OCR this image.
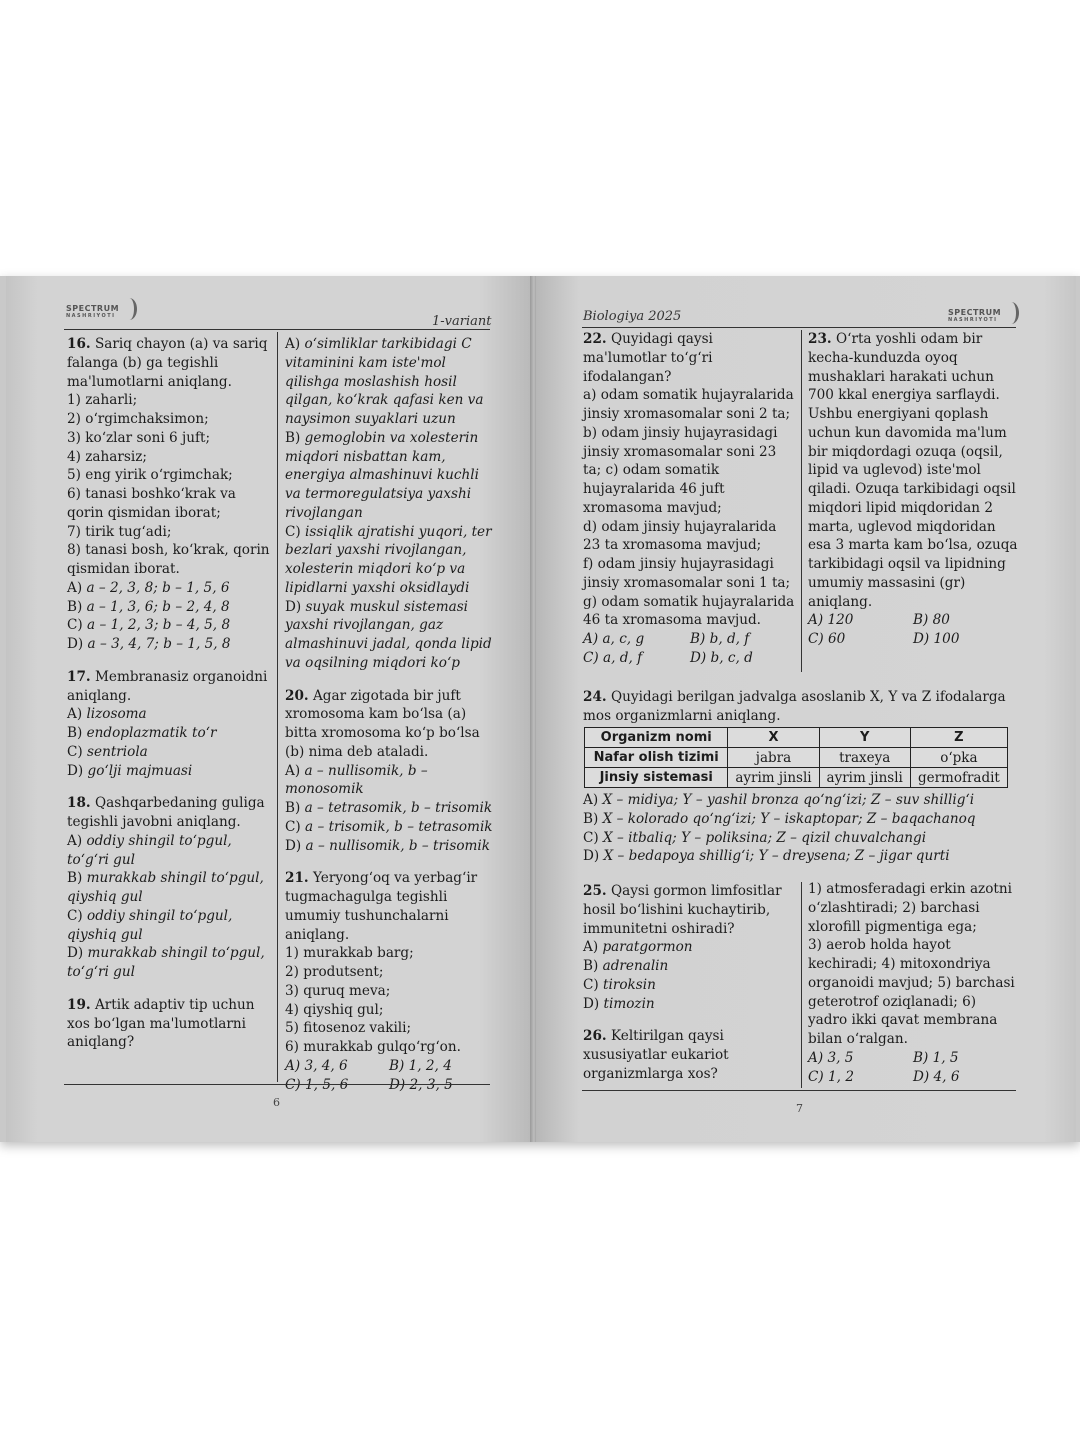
SPECTRUM
NASHRIYOTI	1-variant

16. Sariq chayon (a) va sariq falanga (b) ga tegishli ma'lumotlarni aniqlang.

1) zaharli;

2) o‘rgimchaksimon;

3) ko‘zlar soni 6 juft;

4) zaharsiz;

5) eng yirik o‘rgimchak;

6) tanasi boshko‘krak va qorin qismidan iborat;

7) tirik tug‘adi;

8) tanasi bosh, ko‘krak, qorin qismidan iborat.

A) a – 2, 3, 8; b – 1, 5, 6

B) a – 1, 3, 6; b – 2, 4, 8

C) a – 1, 2, 3; b – 4, 5, 8

D) a – 3, 4, 7; b – 1, 5, 8

17. Membranasiz organoidni aniqlang.

A) lizosoma

B) endoplazmatik to‘r

C) sentriola

D) go‘lji majmuasi

18. Qashqarbedaning guliga tegishli javobni aniqlang.

A) oddiy shingil to‘pgul, to‘g‘ri gul

B) murakkab shingil to‘pgul, qiyshiq gul

C) oddiy shingil to‘pgul, qiyshiq gul

D) murakkab shingil to‘pgul, to‘g‘ri gul

19. Artik adaptiv tip uchun xos bo‘lgan ma'lumotlarni aniqlang?

A) o‘simliklar tarkibidagi C vitaminini kam iste'mol qilishga moslashish hosil qilgan, ko‘krak qafasi ken va naysimon suyaklari uzun

B) gemoglobin va xolesterin miqdori nisbattan kam, energiya almashinuvi kuchli va termoregulatsiya yaxshi rivojlangan

C) issiqlik ajratishi yuqori, ter bezlari yaxshi rivojlangan, xolesterin miqdori ko‘p va lipidlarni yaxshi oksidlaydi

D) suyak muskul sistemasi yaxshi rivojlangan, gaz almashinuvi jadal, qonda lipid va oqsilning miqdori ko‘p

20. Agar zigotada bir juft xromosoma kam bo‘lsa (a) bitta xromosoma ko‘p bo‘lsa (b) nima deb ataladi.

A) a – nullisomik, b – monosomik

B) a – tetrasomik, b – trisomik

C) a – trisomik, b – tetrasomik

D) a – nullisomik, b – trisomik

21. Yeryong‘oq va yerbag‘ir tugmachagulga tegishli umumiy tushunchalarni aniqlang.

1) murakkab barg;

2) produtsent;

3) quruq meva;

4) qiyshiq gul;

5) fitosenoz vakili;

6) murakkab gulqo‘rg‘on.

A) 3, 4, 6	B) 1, 2, 4

C) 1, 5, 6	D) 2, 3, 5

6
Biologiya 2025	SPECTRUM
NASHRIYOTI

22. Quyidagi qaysi ma'lumotlar to‘g‘ri ifodalangan?

a) odam somatik hujayralarida jinsiy xromasomalar soni 2 ta; b) odam jinsiy hujayrasidagi jinsiy xromasomalar soni 23 ta; c) odam somatik hujayralarida 46 juft xromasoma mavjud;

d) odam jinsiy hujayralarida 23 ta xromasoma mavjud;

f) odam jinsiy hujayrasidagi jinsiy xromasomalar soni 1 ta; g) odam somatik hujayralarida 46 ta xromasoma mavjud.

A) a, c, g	B) b, d, f

C) a, d, f	D) b, c, d

23. O‘rta yoshli odam bir kecha-kunduzda oyoq mushaklari harakati uchun 700 kkal energiya sarflaydi. Ushbu energiyani qoplash uchun kun davomida ma'lum bir miqdordagi ozuqa (oqsil, lipid va uglevod) iste'mol qiladi. Ozuqa tarkibidagi oqsil miqdori lipid miqdoridan 2 marta, uglevod miqdoridan esa 3 marta kam bo‘lsa, ozuqa tarkibidagi oqsil va lipidning umumiy massasini (gr) aniqlang.

A) 120	B) 80

C) 60	D) 100

24. Quyidagi berilgan jadvalga asoslanib X, Y va Z ifodalarga mos organizmlarni aniqlang.

Organizm nomi	X	Y	Z
Nafar olish tizimi	jabra	traxeya	o‘pka
Jinsiy sistemasi	ayrim jinsli	ayrim jinsli	germofradit

A) X – midiya; Y – yashil bronza qo‘ng‘izi; Z – suv shillig‘i

B) X – kolorado qo‘ng‘izi; Y – iskaptopar; Z – baqachanoq

C) X – itbaliq; Y – poliksina; Z – qizil chuvalchangi

D) X – bedapoya shillig‘i; Y – dreysena; Z – jigar qurti

25. Qaysi gormon limfositlar hosil bo‘lishini kuchaytirib, immunitetni oshiradi?

A) paratgormon

B) adrenalin

C) tiroksin

D) timozin

26. Keltirilgan qaysi xususiyatlar eukariot organizmlarga xos?

1) atmosferadagi erkin azotni o‘zlashtiradi; 2) barchasi xlorofill pigmentiga ega;

3) aerob holda hayot kechiradi; 4) mitoxondriya organoidi mavjud; 5) barchasi geterotrof oziqlanadi; 6) yadro ikki qavat membrana bilan o‘ralgan.

A) 3, 5	B) 1, 5

C) 1, 2	D) 4, 6

7
